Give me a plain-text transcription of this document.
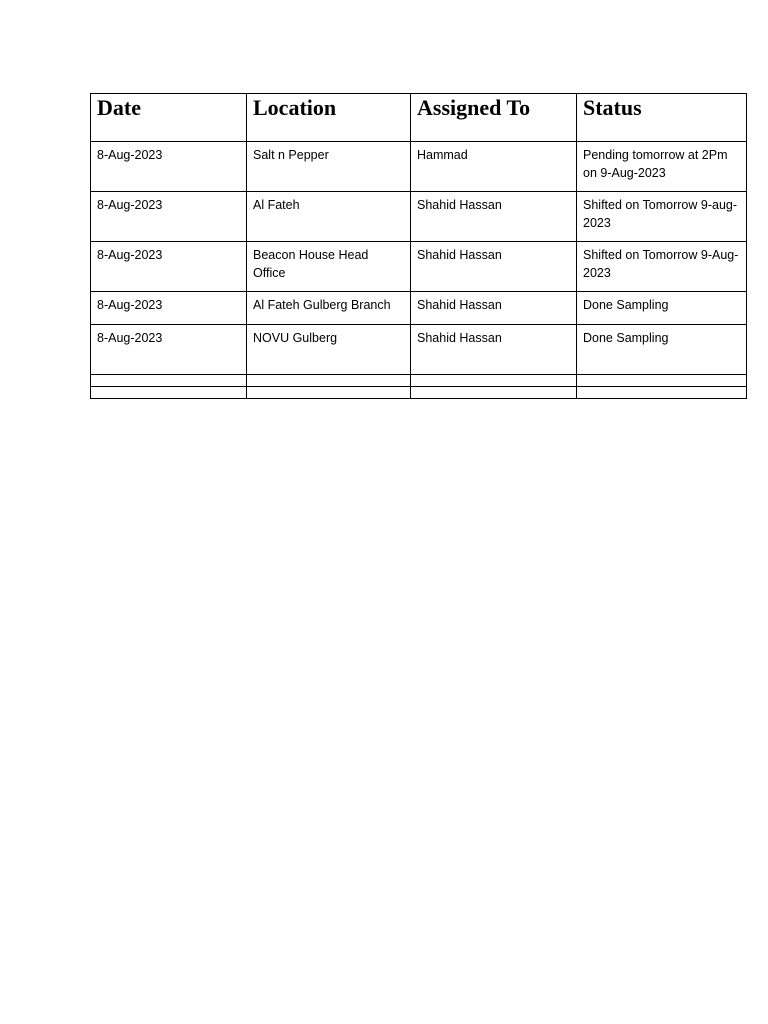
Date	Location	Assigned To	Status
8-Aug-2023	Salt n Pepper	Hammad	Pending tomorrow at 2Pm on 9-Aug-2023
8-Aug-2023	Al Fateh	Shahid Hassan	Shifted on Tomorrow 9-aug-2023
8-Aug-2023	Beacon House Head Office	Shahid Hassan	Shifted on Tomorrow 9-Aug-2023
8-Aug-2023	Al Fateh Gulberg Branch	Shahid Hassan	Done Sampling
8-Aug-2023	NOVU Gulberg	Shahid Hassan	Done Sampling
